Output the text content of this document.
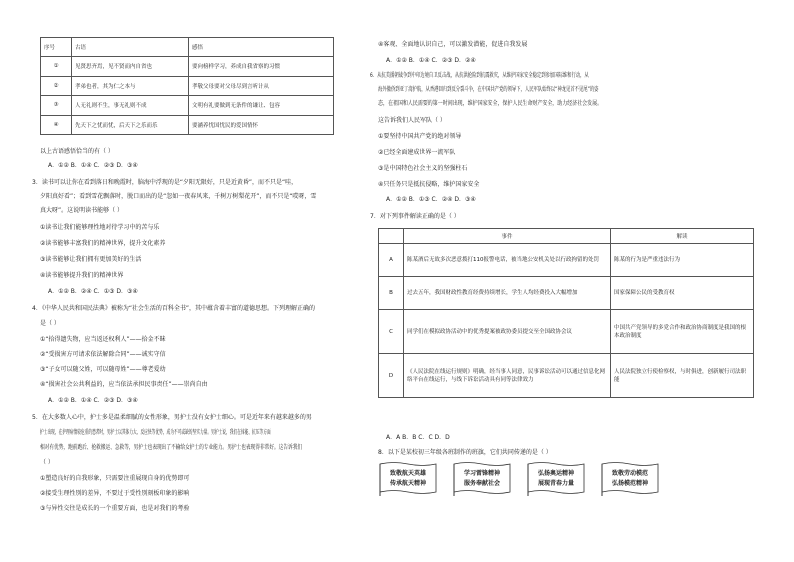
序号	古语	感悟
①	见贤思齐焉，见不贤而内自省也	要向榜样学习，养成自我省察的习惯
②	孝弟也者，其为仁之本与	孝敬父母要对父母尽到言听计从
③	人无礼则不生，事无礼则不成	文明有礼要做到无条件的谦让、包容
④	先天下之忧而忧，后天下之乐而乐	要涵养忧国忧民的爱国情怀
以上古语感悟恰当的有（ ）
A．①② B．①④ C．②③ D．③④
3．读书可以让你在看到落日和晚霞时，脑海中浮现的是“夕阳无限好，只是近黄昏”，而不只是“哇，
夕阳真好看”；看到雪花飘落时，脱口而出的是“忽如一夜春风来，千树万树梨花开”，而不只是“哎呀，雪
真大呀”。这说明读书能够（ ）
①读书让我们能够理性地对待学习中的苦与乐
②读书能够丰富我们的精神世界，提升文化素养
③读书能够让我们拥有更加美好的生活
④读书能够提升我们的精神世界
A．①② B．②④ C．①③ D．③④
4．《中华人民共和国民法典》被称为“社会生活的百科全书”，其中蕴含着丰富的道德思想。下列理解正确的
是（ ）
①“拾得遗失物，应当返还权利人”——拾金不昧
②“受损害方可请求依法解除合同”——诚实守信
③“子女可以随父姓，可以随母姓”——尊老爱幼
④“损害社会公共利益的，应当依法承担民事责任”——崇尚自由
A．①② B．①④ C．②③ D．③④
5．在大多数人心中，护士多是温柔细腻的女性形象，男护士没有女护士细心。可是近年来有越来越多的男
护士出现，在护理病情较危重的患者时，男护士以其体力大、反应快等优势，成为不可或缺的坚实力量。男护士说，我们在体能、抗压等方面
相对有优势，跑前跑后、抢救搬运、急救等，男护士也表现出了不输给女护士的专业能力。男护士也表现得非常好。这告诉我们
（ ）
①塑造良好的自我形象，只需要注重展现自身的优势即可
②接受生理性别的差异，不要过于受性别刻板印象的影响
③与异性交往是成长的一个重要方面，也是对我们的考验
④客观、全面地认识自己，可以激发潜能，促进自我发展
A．①② B．①④ C．②③ D．②④
6．从抗美援朝战争到中印边境自卫反击战，从抗洪抢险到抗震救灾，从维护国家安全稳定到参加国际维和行动，从
海外撤侨到亚丁湾护航，从香港回归到反分裂斗争，在中国共产党的领导下，人民军队始终以“神龙见首不见尾”的姿
态，在祖国和人民需要的第一时间出现，维护国家安全，保护人民生命财产安全，助力经济社会发展。
这告诉我们人民军队（ ）
①要坚持中国共产党的绝对领导
②已经全面建成世界一流军队
③是中国特色社会主义的坚强柱石
④只任务只是抵抗侵略，维护国家安全
A．①② B．①③ C．②④ D．③④
7．对下列事件解读正确的是（ ）
	事件	解读
A	陈某酒后无故多次恶意拨打110报警电话，被当地公安机关处以行政拘留的处罚	陈某的行为是严重违法行为
B	过去五年，我国财政性教育经费持续增长，学生人均经费投入大幅增加	国家保障公民的受教育权
C	同学们在模拟政协活动中的优秀提案被政协委员提交至全国政协会议	中国共产党领导的多党合作和政治协商制度是我国的根本政治制度
D	《人民法院在线运行规则》明确，经当事人同意，民事诉讼活动可以通过信息化网络平台在线运行，与线下诉讼活动具有同等法律效力	人民法院独立行使检察权，与时俱进，创新履行司法职能
A．A B．B C．C D．D
8．以下是某校初三年级各班制作的班旗，它们共同传递的是（ ）
致敬航天英雄
传承航天精神
学习雷锋精神
服务奉献社会
弘扬奥运精神
展现青春力量
致敬劳动模范
弘扬模范精神
